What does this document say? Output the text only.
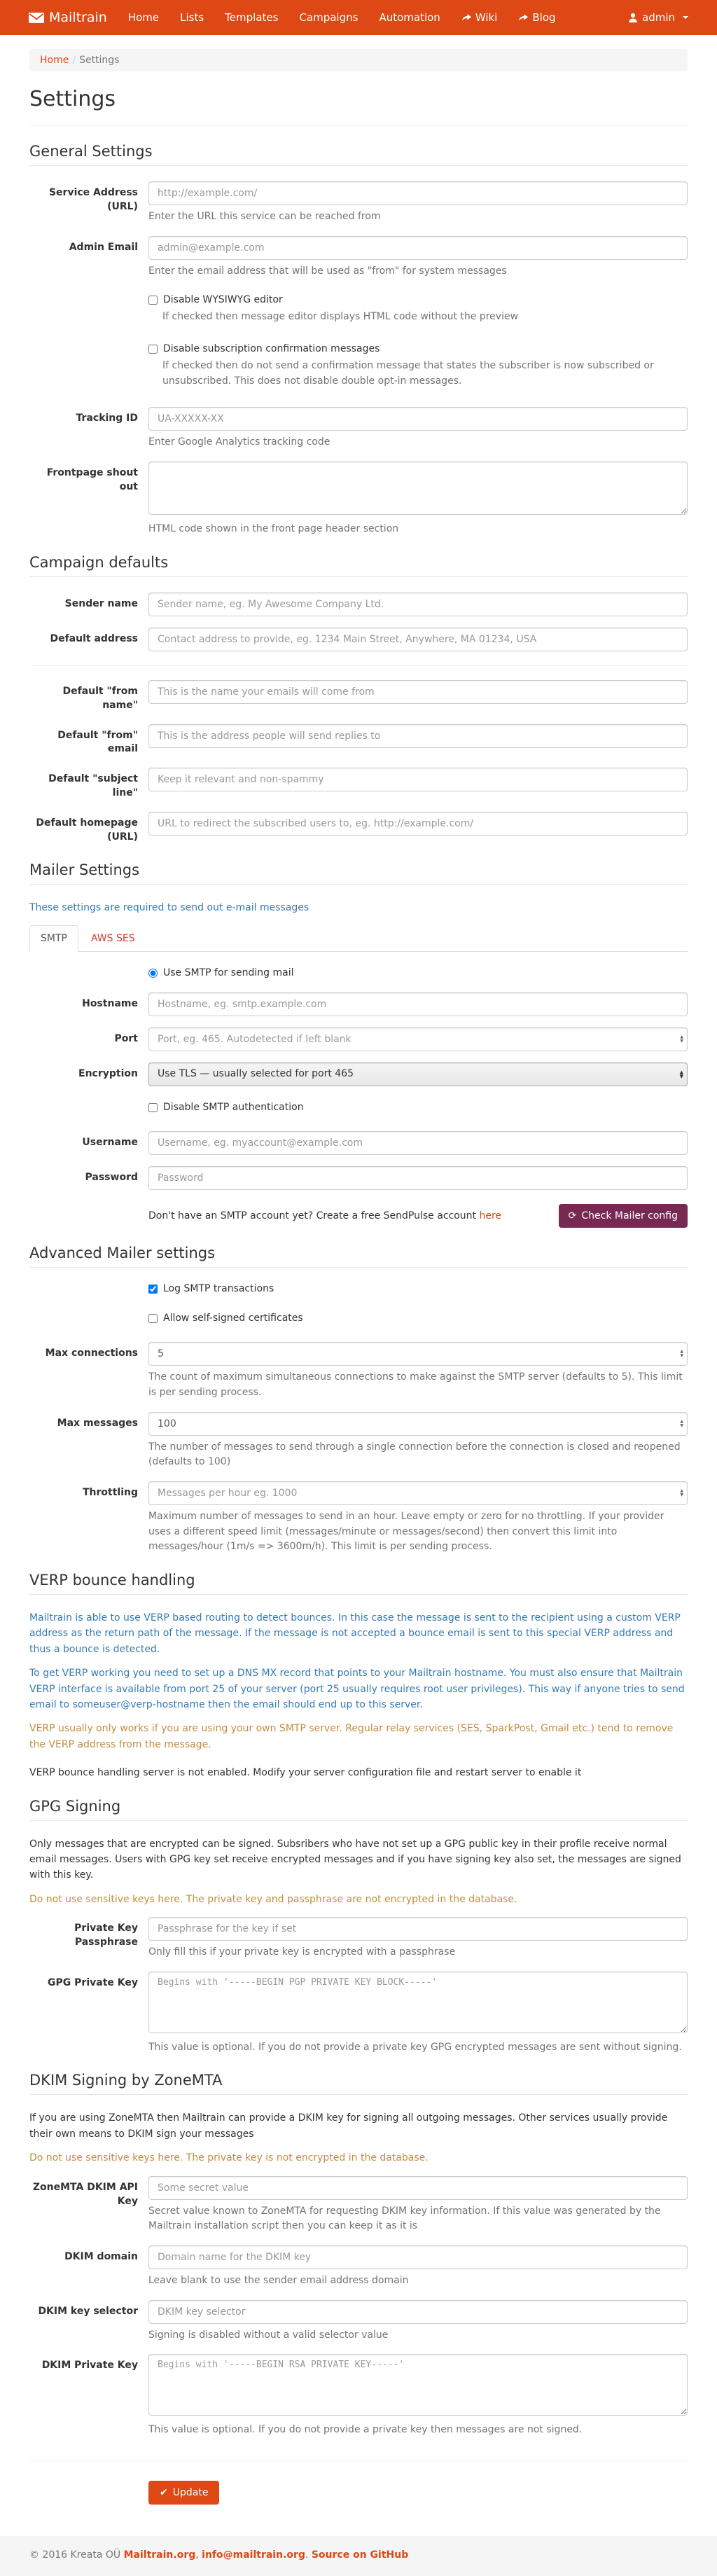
Mailtrain Home Lists Templates Campaigns Automation	Wiki	Blog	admin
Home / Settings
Settings
General Settings
Service Address (URL)
http://example.com/
Enter the URL this service can be reached from
Admin Email
admin@example.com
Enter the email address that will be used as "from" for system messages
Disable WYSIWYG editor
If checked then message editor displays HTML code without the preview
Disable subscription confirmation messages
If checked then do not send a confirmation message that states the subscriber is now subscribed or unsubscribed. This does not disable double opt-in messages.
Tracking ID
UA-XXXXX-XX
Enter Google Analytics tracking code
Frontpage shout out
HTML code shown in the front page header section
Campaign defaults
Sender name
Sender name, eg. My Awesome Company Ltd.
Default address
Contact address to provide, eg. 1234 Main Street, Anywhere, MA 01234, USA
Default "from name"
This is the name your emails will come from
Default "from" email
This is the address people will send replies to
Default "subject line"
Keep it relevant and non-spammy
Default homepage (URL)
URL to redirect the subscribed users to, eg. http://example.com/
Mailer Settings
These settings are required to send out e-mail messages
SMTP	AWS SES
Use SMTP for sending mail
Hostname
Hostname, eg. smtp.example.com
Port
Port, eg. 465. Autodetected if left blank	▲
▼
Encryption
Use TLS — usually selected for port 465	▲
▼
Disable SMTP authentication
Username
Username, eg. myaccount@example.com
Password
Don't have an SMTP account yet? Create a free SendPulse account here	⟳ Check Mailer config
Advanced Mailer settings
Log SMTP transactions
Allow self-signed certificates
Max connections
5	▲
▼
The count of maximum simultaneous connections to make against the SMTP server (defaults to 5). This limit is per sending process.
Max messages
100	▲
▼
The number of messages to send through a single connection before the connection is closed and reopened (defaults to 100)
Throttling
Messages per hour eg. 1000	▲
▼
Maximum number of messages to send in an hour. Leave empty or zero for no throttling. If your provider uses a different speed limit (messages/minute or messages/second) then convert this limit into messages/hour (1m/s => 3600m/h). This limit is per sending process.
VERP bounce handling

Mailtrain is able to use VERP based routing to detect bounces. In this case the message is sent to the recipient using a custom VERP address as the return path of the message. If the message is not accepted a bounce email is sent to this special VERP address and thus a bounce is detected.

To get VERP working you need to set up a DNS MX record that points to your Mailtrain hostname. You must also ensure that Mailtrain VERP interface is available from port 25 of your server (port 25 usually requires root user privileges). This way if anyone tries to send email to someuser@verp-hostname then the email should end up to this server.

VERP usually only works if you are using your own SMTP server. Regular relay services (SES, SparkPost, Gmail etc.) tend to remove the VERP address from the message.

VERP bounce handling server is not enabled. Modify your server configuration file and restart server to enable it

GPG Signing

Only messages that are encrypted can be signed. Subsribers who have not set up a GPG public key in their profile receive normal email messages. Users with GPG key set receive encrypted messages and if you have signing key also set, the messages are signed with this key.

Do not use sensitive keys here. The private key and passphrase are not encrypted in the database.

Private Key Passphrase
Passphrase for the key if set
Only fill this if your private key is encrypted with a passphrase
GPG Private Key
Begins with '-----BEGIN PGP PRIVATE KEY BLOCK-----'
This value is optional. If you do not provide a private key GPG encrypted messages are sent without signing.
DKIM Signing by ZoneMTA

If you are using ZoneMTA then Mailtrain can provide a DKIM key for signing all outgoing messages. Other services usually provide their own means to DKIM sign your messages

Do not use sensitive keys here. The private key is not encrypted in the database.

ZoneMTA DKIM API Key
Some secret value
Secret value known to ZoneMTA for requesting DKIM key information. If this value was generated by the Mailtrain installation script then you can keep it as it is
DKIM domain
Domain name for the DKIM key
Leave blank to use the sender email address domain
DKIM key selector
DKIM key selector
Signing is disabled without a valid selector value
DKIM Private Key
Begins with '-----BEGIN RSA PRIVATE KEY-----'
This value is optional. If you do not provide a private key then messages are not signed.
✔ Update
© 2016 Kreata OÜ Mailtrain.org, info@mailtrain.org. Source on GitHub
